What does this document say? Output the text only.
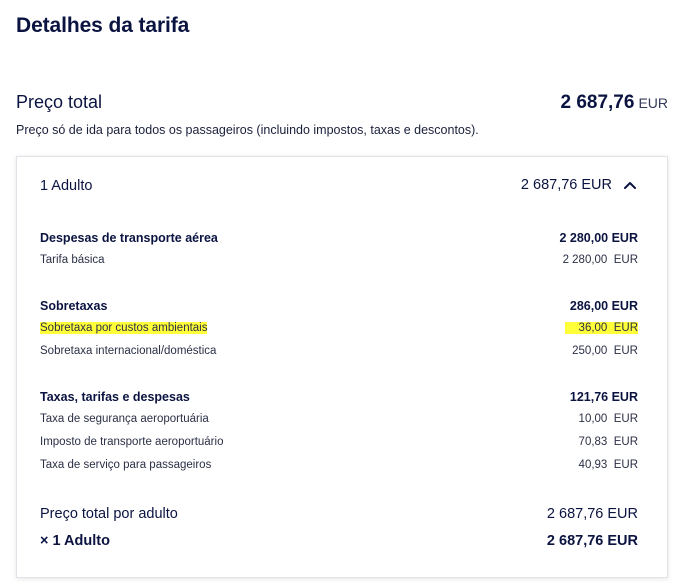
Detalhes da tarifa
Preço total	2 687,76 EUR
Preço só de ida para todos os passageiros (incluindo impostos, taxas e descontos).
1 Adulto	2 687,76 EUR
Despesas de transporte aérea	2 280,00 EUR
Tarifa básica	2 280,00  EUR
Sobretaxas	286,00 EUR
Sobretaxa por custos ambientais	36,00  EUR
Sobretaxa internacional/doméstica	250,00  EUR
Taxas, tarifas e despesas	121,76 EUR
Taxa de segurança aeroportuária	10,00  EUR
Imposto de transporte aeroportuário	70,83  EUR
Taxa de serviço para passageiros	40,93  EUR
Preço total por adulto	2 687,76 EUR
× 1 Adulto	2 687,76 EUR
